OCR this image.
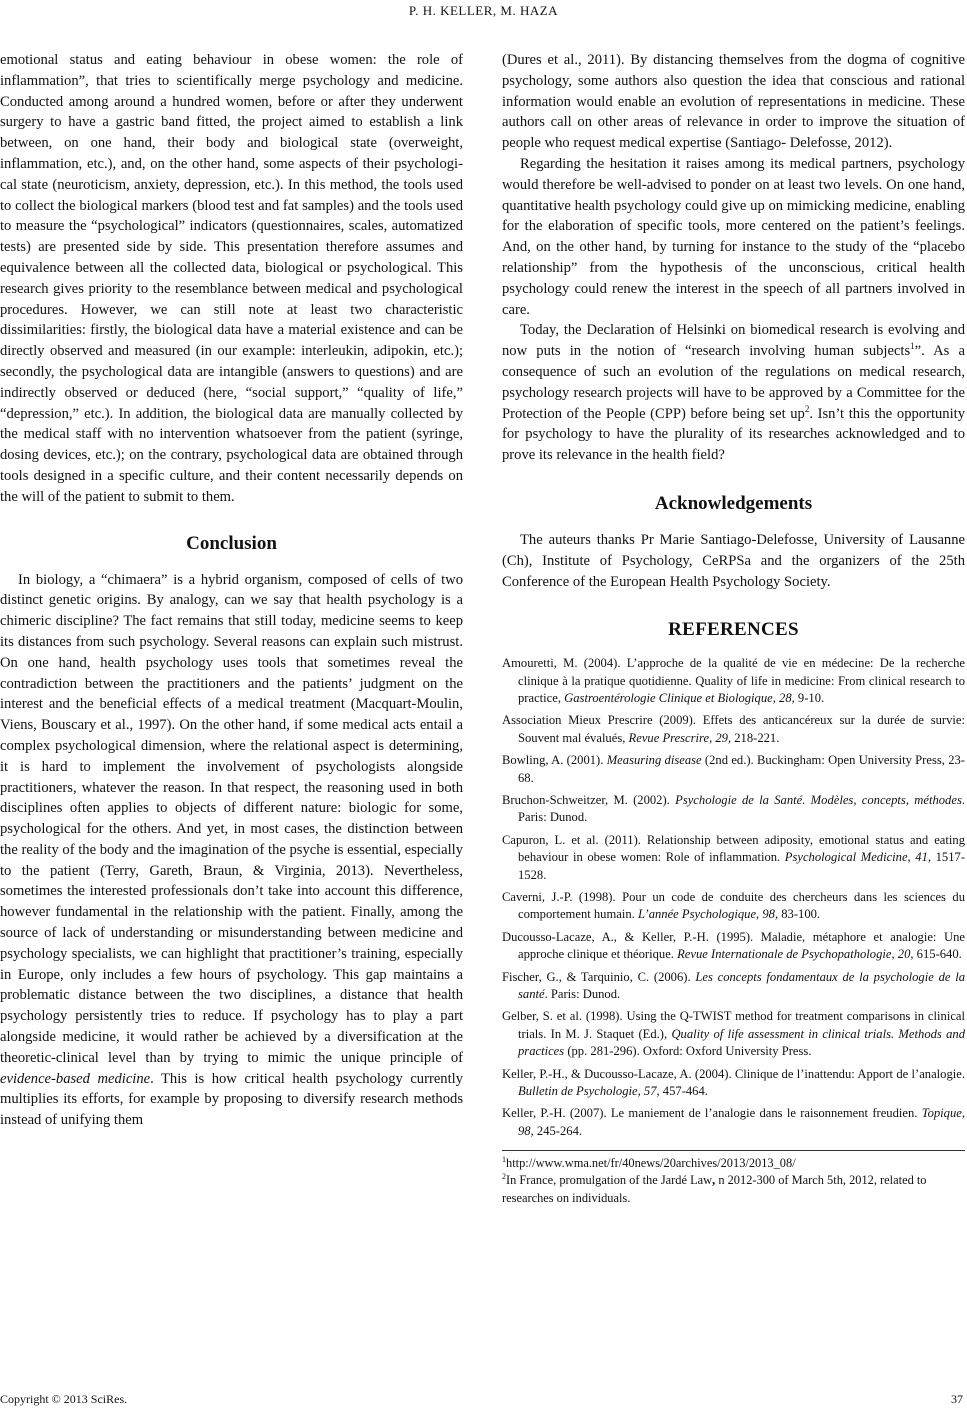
P. H. KELLER, M. HAZA

emotional status and eating behaviour in obese women: the role of inflammation”, that tries to scientifically merge psychology and medicine. Conducted among around a hundred women, before or after they underwent surgery to have a gastric band fitted, the project aimed to establish a link between, on one hand, their body and biological state (overweight, inflammation, etc.), and, on the other hand, some aspects of their psychological state (neuroticism, anxiety, depression, etc.). In this method, the tools used to collect the biological markers (blood test and fat samples) and the tools used to measure the “psychological” indicators (questionnaires, scales, automatized tests) are presented side by side. This presentation therefore assumes and equivalence between all the collected data, biological or psychological. This research gives priority to the resemblance between medical and psychological procedures. However, we can still note at least two characteristic dissimilarities: firstly, the biological data have a material existence and can be directly observed and measured (in our example: interleukin, adipokin, etc.); secondly, the psychological data are intangible (answers to questions) and are indirectly observed or deduced (here, “social support,” “quality of life,” “depression,” etc.). In addition, the biological data are manually collected by the medical staff with no intervention whatsoever from the patient (syringe, dosing devices, etc.); on the contrary, psychological data are obtained through tools designed in a specific culture, and their content necessarily depends on the will of the patient to submit to them.

Conclusion

In biology, a “chimaera” is a hybrid organism, composed of cells of two distinct genetic origins. By analogy, can we say that health psychology is a chimeric discipline? The fact remains that still today, medicine seems to keep its distances from such psychology. Several reasons can explain such mistrust. On one hand, health psychology uses tools that sometimes reveal the contradiction between the practitioners and the patients’ judgment on the interest and the beneficial effects of a medical treatment (Macquart-Moulin, Viens, Bouscary et al., 1997). On the other hand, if some medical acts entail a complex psychological dimension, where the relational aspect is determining, it is hard to implement the involvement of psychologists alongside practitioners, whatever the reason. In that respect, the reasoning used in both disciplines often applies to objects of different nature: biologic for some, psychological for the others. And yet, in most cases, the distinction between the reality of the body and the imagination of the psyche is essential, especially to the patient (Terry, Gareth, Braun, & Virginia, 2013). Nevertheless, sometimes the interested professionals don’t take into account this difference, however fundamental in the relationship with the patient. Finally, among the source of lack of understanding or misunderstanding between medicine and psychology specialists, we can highlight that practitioner’s training, especially in Europe, only includes a few hours of psychology. This gap maintains a problematic distance between the two disciplines, a distance that health psychology persistently tries to reduce. If psychology has to play a part alongside medicine, it would rather be achieved by a diversification at the theoretic-clinical level than by trying to mimic the unique principle of evidence-based medicine. This is how critical health psychology currently multiplies its efforts, for example by proposing to diversify research methods instead of unifying them

(Dures et al., 2011). By distancing themselves from the dogma of cognitive psychology, some authors also question the idea that conscious and rational information would enable an evolution of representations in medicine. These authors call on other areas of relevance in order to improve the situation of people who request medical expertise (Santiago- Delefosse, 2012).

Regarding the hesitation it raises among its medical partners, psychology would therefore be well-advised to ponder on at least two levels. On one hand, quantitative health psychology could give up on mimicking medicine, enabling for the elaboration of specific tools, more centered on the patient’s feelings. And, on the other hand, by turning for instance to the study of the “placebo relationship” from the hypothesis of the unconscious, critical health psychology could renew the interest in the speech of all partners involved in care.

Today, the Declaration of Helsinki on biomedical research is evolving and now puts in the notion of “research involving human subjects$^1$”. As a consequence of such an evolution of the regulations on medical research, psychology research projects will have to be approved by a Committee for the Protection of the People (CPP) before being set $up^2$. Isn’t this the opportunity for psychology to have the plurality of its researches acknowledged and to prove its relevance in the health field?

Acknowledgements

The auteurs thanks Pr Marie Santiago-Delefosse, University of Lausanne (Ch), Institute of Psychology, CeRPSa and the organizers of the 25th Conference of the European Health Psychology Society.

REFERENCES

Amouretti, M. (2004). L’approche de la qualité de vie en médecine: De la recherche clinique à la pratique quotidienne. Quality of life in medicine: From clinical research to practice, Gastroentérologie Clinique et Biologique, 28, 9-10.

Association Mieux Prescrire (2009). Effets des anticancéreux sur la durée de survie: Souvent mal évalués, Revue Prescrire, 29, 218-221.

Bowling, A. (2001). Measuring disease (2nd ed.). Buckingham: Open University Press, 23-68.

Bruchon-Schweitzer, M. (2002). Psychologie de la Santé. Modèles, concepts, méthodes. Paris: Dunod.

Capuron, L. et al. (2011). Relationship between adiposity, emotional status and eating behaviour in obese women: Role of inflammation. Psychological Medicine, 41, 1517-1528.

Caverni, J.-P. (1998). Pour un code de conduite des chercheurs dans les sciences du comportement humain. L’année Psychologique, 98, 83-100.

Ducousso-Lacaze, A., & Keller, P.-H. (1995). Maladie, métaphore et analogie: Une approche clinique et théorique. Revue Internationale de Psychopathologie, 20, 615-640.

Fischer, G., & Tarquinio, C. (2006). Les concepts fondamentaux de la psychologie de la santé. Paris: Dunod.

Gelber, S. et al. (1998). Using the Q-TWIST method for treatment comparisons in clinical trials. In M. J. Staquet (Ed.), Quality of life assessment in clinical trials. Methods and practices (pp. 281-296). Oxford: Oxford University Press.

Keller, P.-H., & Ducousso-Lacaze, A. (2004). Clinique de l’inattendu: Apport de l’analogie. Bulletin de Psychologie, 57, 457-464.

Keller, P.-H. (2007). Le maniement de l’analogie dans le raisonnement freudien. Topique, 98, 245-264.

$^1$http://www.wma.net/fr/40news/20archives/2013/2013_08/
$^2$In France, promulgation of the Jardé Law, n 2012-300 of March 5th, 2012, related to researches on individuals.
Copyright © 2013 SciRes.	37
